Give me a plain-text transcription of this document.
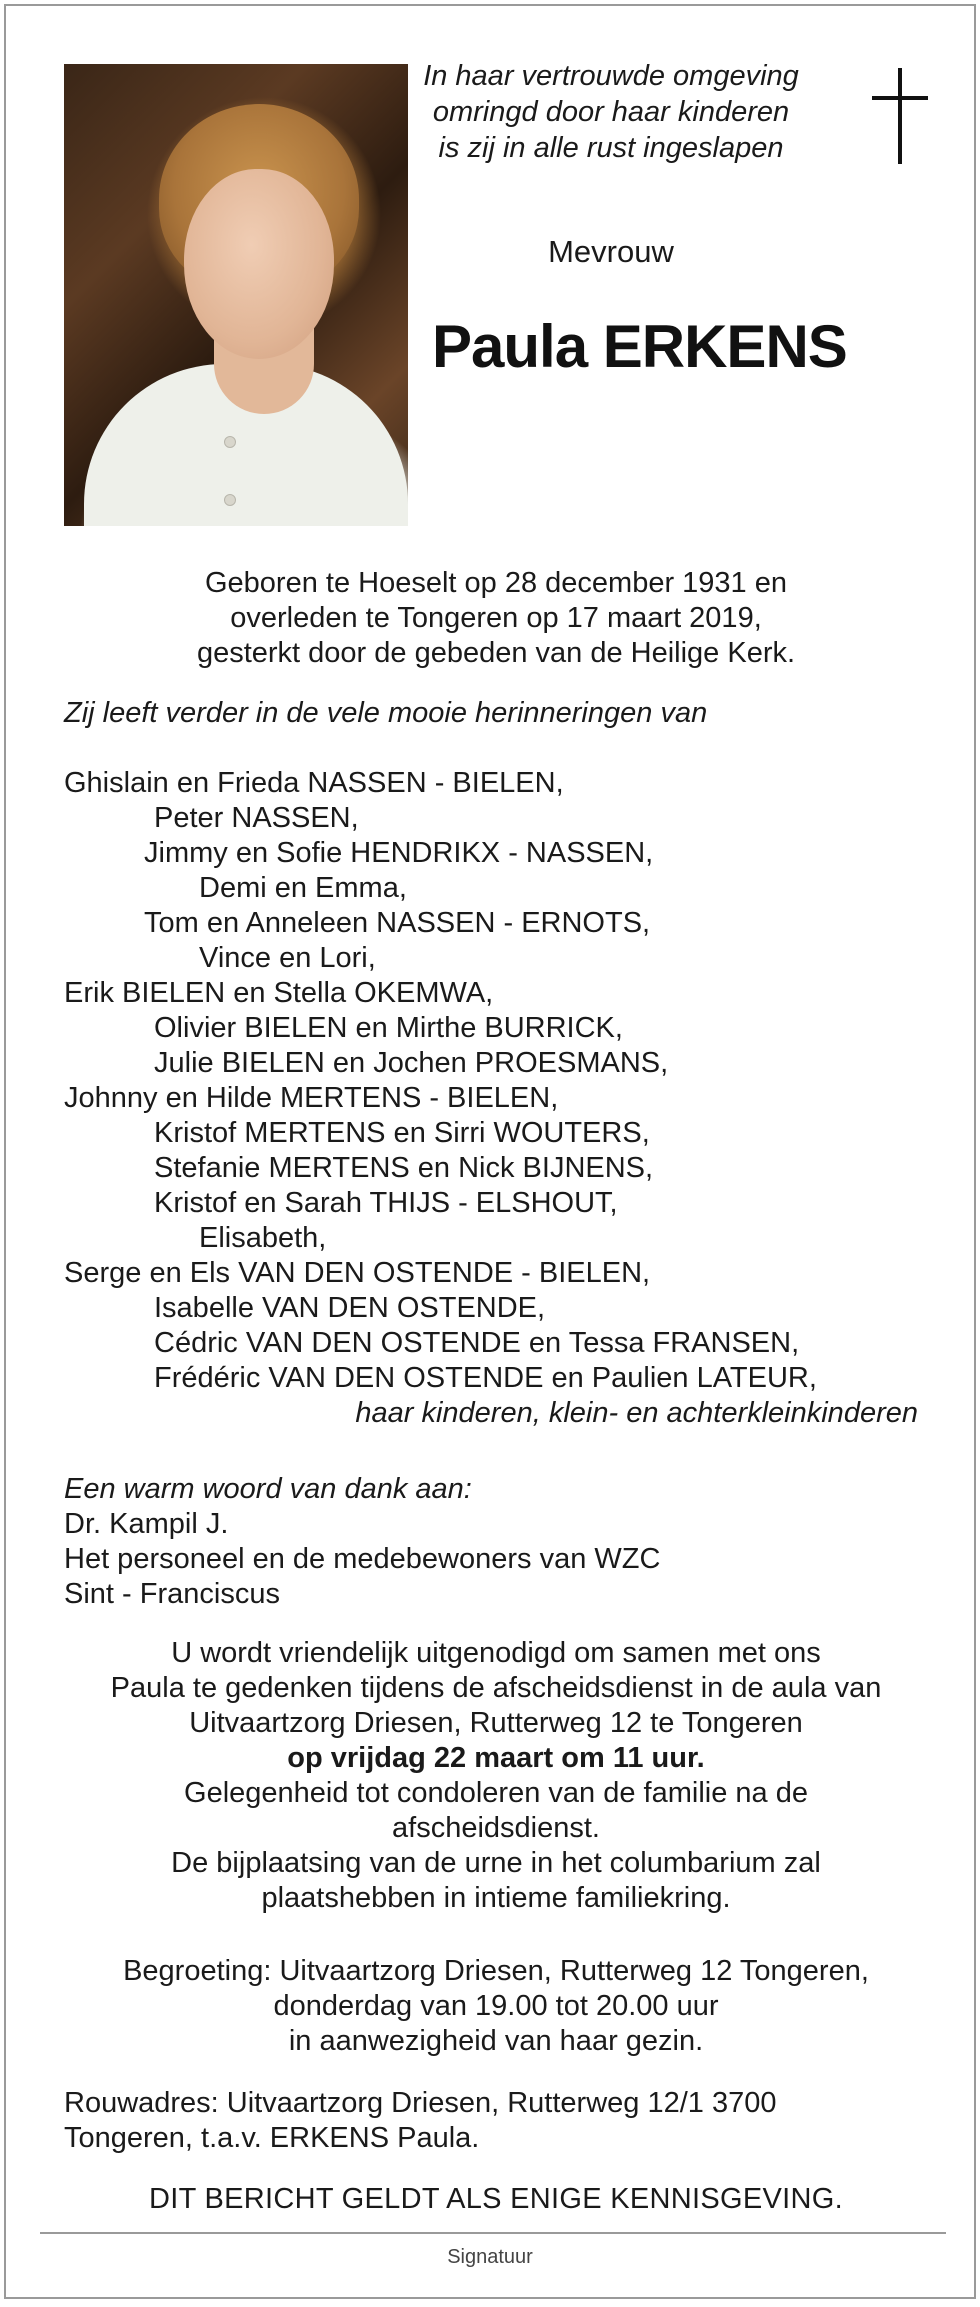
In haar vertrouwde omgeving
omringd door haar kinderen
is zij in alle rust ingeslapen
Mevrouw
Paula ERKENS
Geboren te Hoeselt op 28 december 1931 en
overleden te Tongeren op 17 maart 2019,
gesterkt door de gebeden van de Heilige Kerk.
Zij leeft verder in de vele mooie herinneringen van
Ghislain en Frieda NASSEN - BIELEN,
Peter NASSEN,
Jimmy en Sofie HENDRIKX - NASSEN,
Demi en Emma,
Tom en Anneleen NASSEN - ERNOTS,
Vince en Lori,
Erik BIELEN en Stella OKEMWA,
Olivier BIELEN en Mirthe BURRICK,
Julie BIELEN en Jochen PROESMANS,
Johnny en Hilde MERTENS - BIELEN,
Kristof MERTENS en Sirri WOUTERS,
Stefanie MERTENS en Nick BIJNENS,
Kristof en Sarah THIJS - ELSHOUT,
Elisabeth,
Serge en Els VAN DEN OSTENDE - BIELEN,
Isabelle VAN DEN OSTENDE,
Cédric VAN DEN OSTENDE en Tessa FRANSEN,
Frédéric VAN DEN OSTENDE en Paulien LATEUR,
haar kinderen, klein- en achterkleinkinderen
Een warm woord van dank aan:
Dr. Kampil J.
Het personeel en de medebewoners van WZC
Sint - Franciscus
U wordt vriendelijk uitgenodigd om samen met ons
Paula te gedenken tijdens de afscheidsdienst in de aula van
Uitvaartzorg Driesen, Rutterweg 12 te Tongeren
op vrijdag 22 maart om 11 uur.
Gelegenheid tot condoleren van de familie na de
afscheidsdienst.
De bijplaatsing van de urne in het columbarium zal
plaatshebben in intieme familiekring.
Begroeting: Uitvaartzorg Driesen, Rutterweg 12 Tongeren,
donderdag van 19.00 tot 20.00 uur
in aanwezigheid van haar gezin.
Rouwadres: Uitvaartzorg Driesen, Rutterweg 12/1 3700
Tongeren, t.a.v. ERKENS Paula.
DIT BERICHT GELDT ALS ENIGE KENNISGEVING.
Signatuur
